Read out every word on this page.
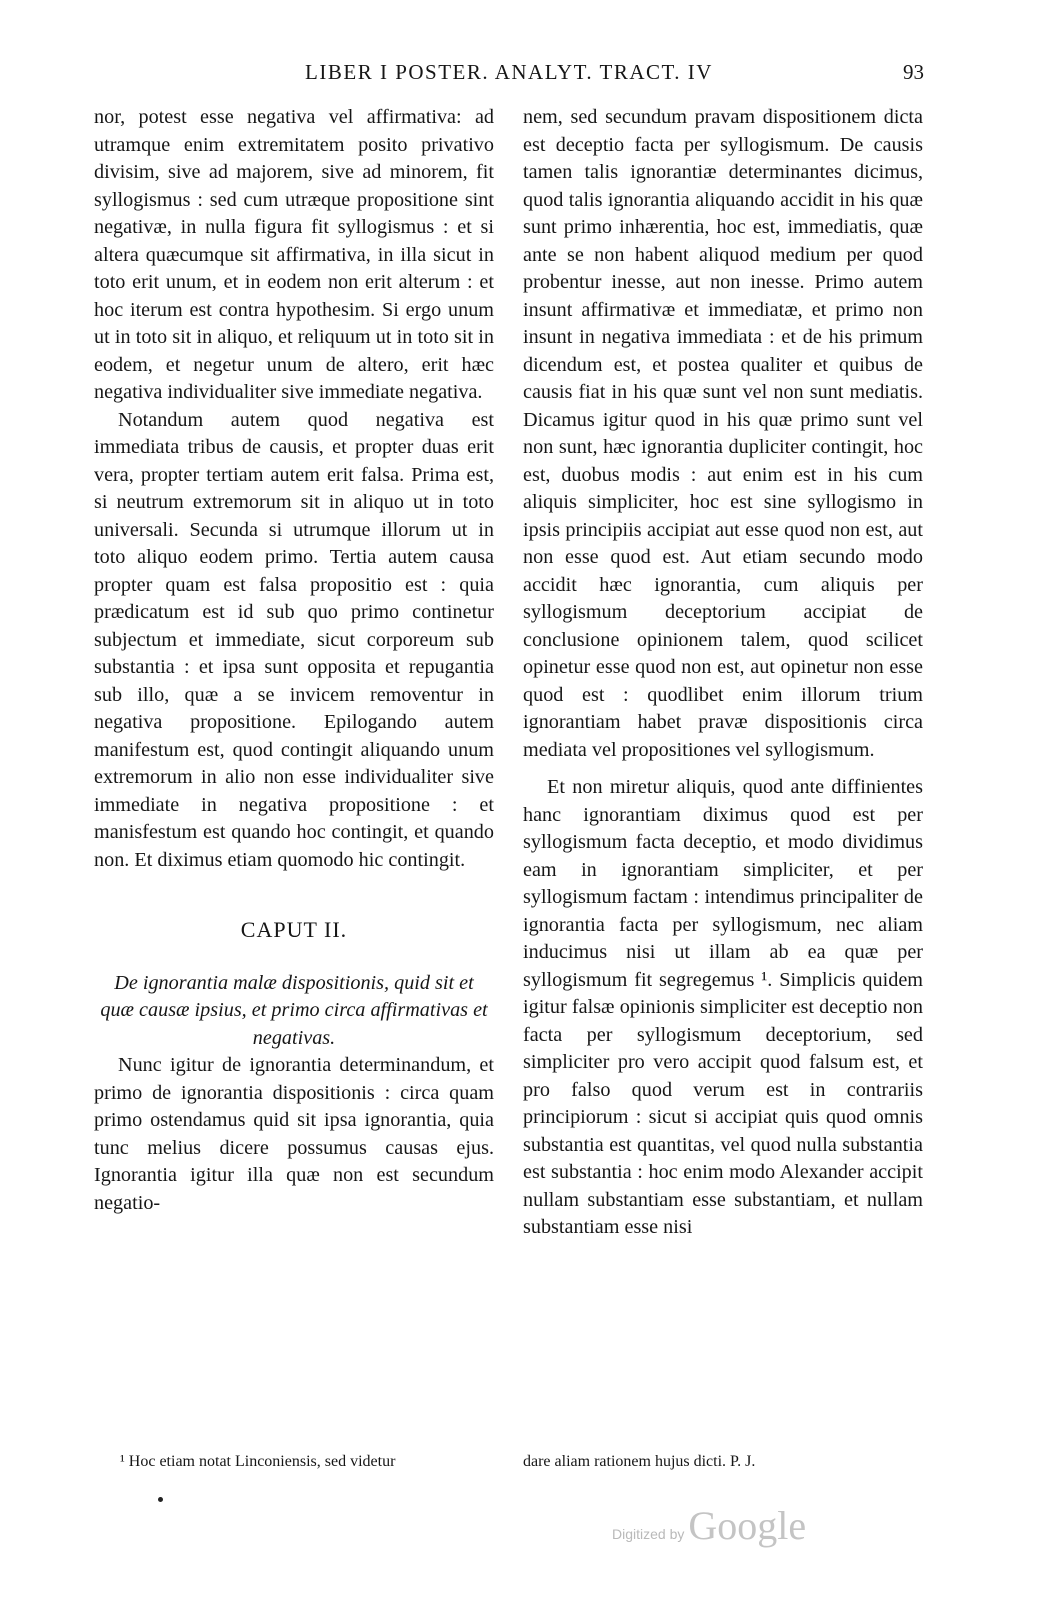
LIBER I POSTER. ANALYT. TRACT. IV	93

nor, potest esse negativa vel affirmativa: ad utramque enim extremitatem posito privativo divisim, sive ad majorem, sive ad minorem, fit syllogismus : sed cum utræque propositione sint negativæ, in nulla figura fit syllogismus : et si altera quæcumque sit affirmativa, in illa sicut in toto erit unum, et in eodem non erit alterum : et hoc iterum est contra hypothesim. Si ergo unum ut in toto sit in aliquo, et reliquum ut in toto sit in eodem, et negetur unum de altero, erit hæc negativa individualiter sive immediate negativa.

Notandum autem quod negativa est immediata tribus de causis, et propter duas erit vera, propter tertiam autem erit falsa. Prima est, si neutrum extremorum sit in aliquo ut in toto universali. Secunda si utrumque illorum ut in toto aliquo eodem primo. Tertia autem causa propter quam est falsa propositio est : quia prædicatum est id sub quo primo continetur subjectum et immediate, sicut corporeum sub substantia : et ipsa sunt opposita et repugantia sub illo, quæ a se invicem removentur in negativa propositione. Epilogando autem manifestum est, quod contingit aliquando unum extremorum in alio non esse individualiter sive immediate in negativa propositione : et manisfestum est quando hoc contingit, et quando non. Et diximus etiam quomodo hic contingit.

CAPUT II.

De ignorantia malæ dispositionis, quid sit et quæ causæ ipsius, et primo circa affirmativas et negativas.

Nunc igitur de ignorantia determinandum, et primo de ignorantia dispositionis : circa quam primo ostendamus quid sit ipsa ignorantia, quia tunc melius dicere possumus causas ejus. Ignorantia igitur illa quæ non est secundum negatio-

nem, sed secundum pravam dispositionem dicta est deceptio facta per syllogismum. De causis tamen talis ignorantiæ determinantes dicimus, quod talis ignorantia aliquando accidit in his quæ sunt primo inhærentia, hoc est, immediatis, quæ ante se non habent aliquod medium per quod probentur inesse, aut non inesse. Primo autem insunt affirmativæ et immediatæ, et primo non insunt in negativa immediata : et de his primum dicendum est, et postea qualiter et quibus de causis fiat in his quæ sunt vel non sunt mediatis. Dicamus igitur quod in his quæ primo sunt vel non sunt, hæc ignorantia dupliciter contingit, hoc est, duobus modis : aut enim est in his cum aliquis simpliciter, hoc est sine syllogismo in ipsis principiis accipiat aut esse quod non est, aut non esse quod est. Aut etiam secundo modo accidit hæc ignorantia, cum aliquis per syllogismum deceptorium accipiat de conclusione opinionem talem, quod scilicet opinetur esse quod non est, aut opinetur non esse quod est : quodlibet enim illorum trium ignorantiam habet pravæ dispositionis circa mediata vel propositiones vel syllogismum.

Et non miretur aliquis, quod ante diffinientes hanc ignorantiam diximus quod est per syllogismum facta deceptio, et modo dividimus eam in ignorantiam simpliciter, et per syllogismum factam : intendimus principaliter de ignorantia facta per syllogismum, nec aliam inducimus nisi ut illam ab ea quæ per syllogismum fit segregemus ¹. Simplicis quidem igitur falsæ opinionis simpliciter est deceptio non facta per syllogismum deceptorium, sed simpliciter pro vero accipit quod falsum est, et pro falso quod verum est in contrariis principiorum : sicut si accipiat quis quod omnis substantia est quantitas, vel quod nulla substantia est substantia : hoc enim modo Alexander accipit nullam substantiam esse substantiam, et nullam substantiam esse nisi

¹ Hoc etiam notat Linconiensis, sed videtur	dare aliam rationem hujus dicti. P. J.
Digitized by Google
